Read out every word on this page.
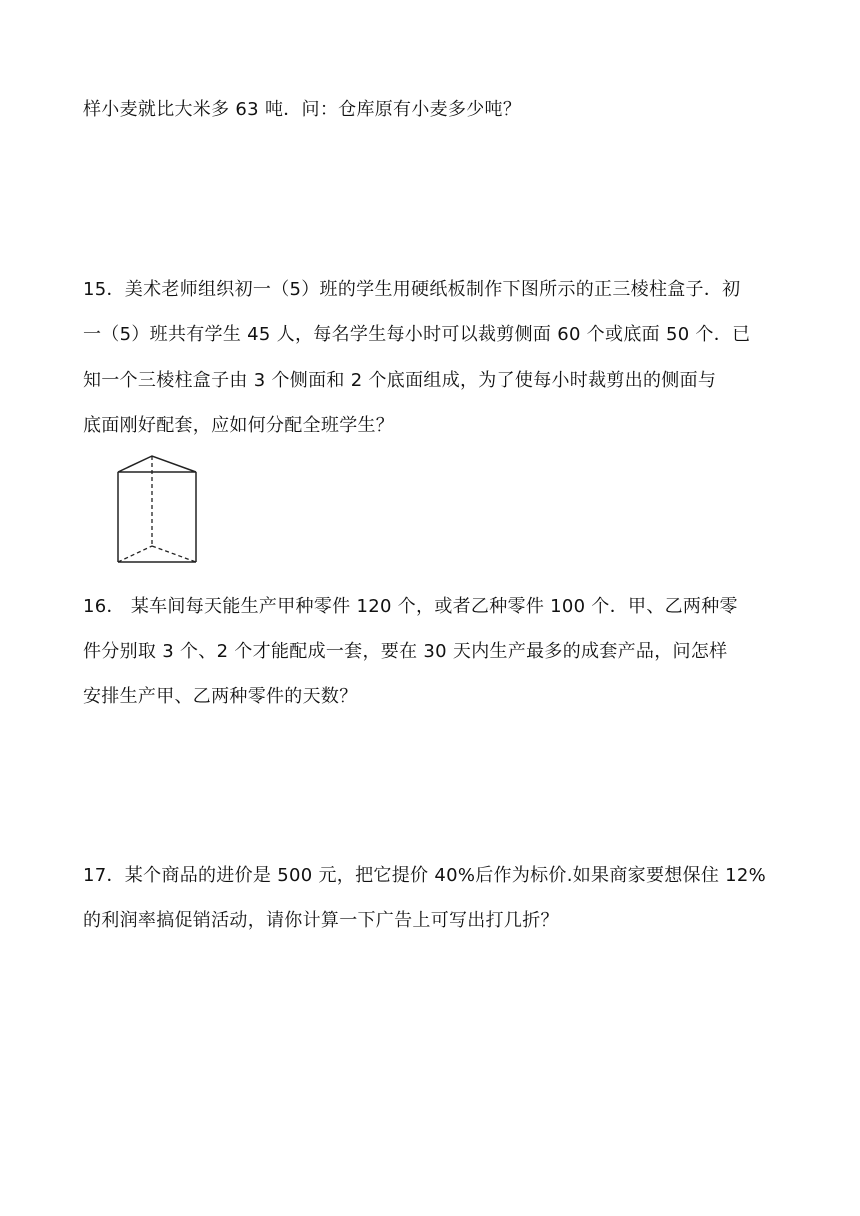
样小麦就比大米多 63 吨．问：仓库原有小麦多少吨？
15．美术老师组织初一（5）班的学生用硬纸板制作下图所示的正三棱柱盒子．初
一（5）班共有学生 45 人，每名学生每小时可以裁剪侧面 60 个或底面 50 个．已
知一个三棱柱盒子由 3 个侧面和 2 个底面组成，为了使每小时裁剪出的侧面与
底面刚好配套，应如何分配全班学生？
16． 某车间每天能生产甲种零件 120 个，或者乙种零件 100 个．甲、乙两种零
件分别取 3 个、2 个才能配成一套，要在 30 天内生产最多的成套产品，问怎样
安排生产甲、乙两种零件的天数？
17．某个商品的进价是 500 元，把它提价 40%后作为标价.如果商家要想保住 12%
的利润率搞促销活动，请你计算一下广告上可写出打几折？
